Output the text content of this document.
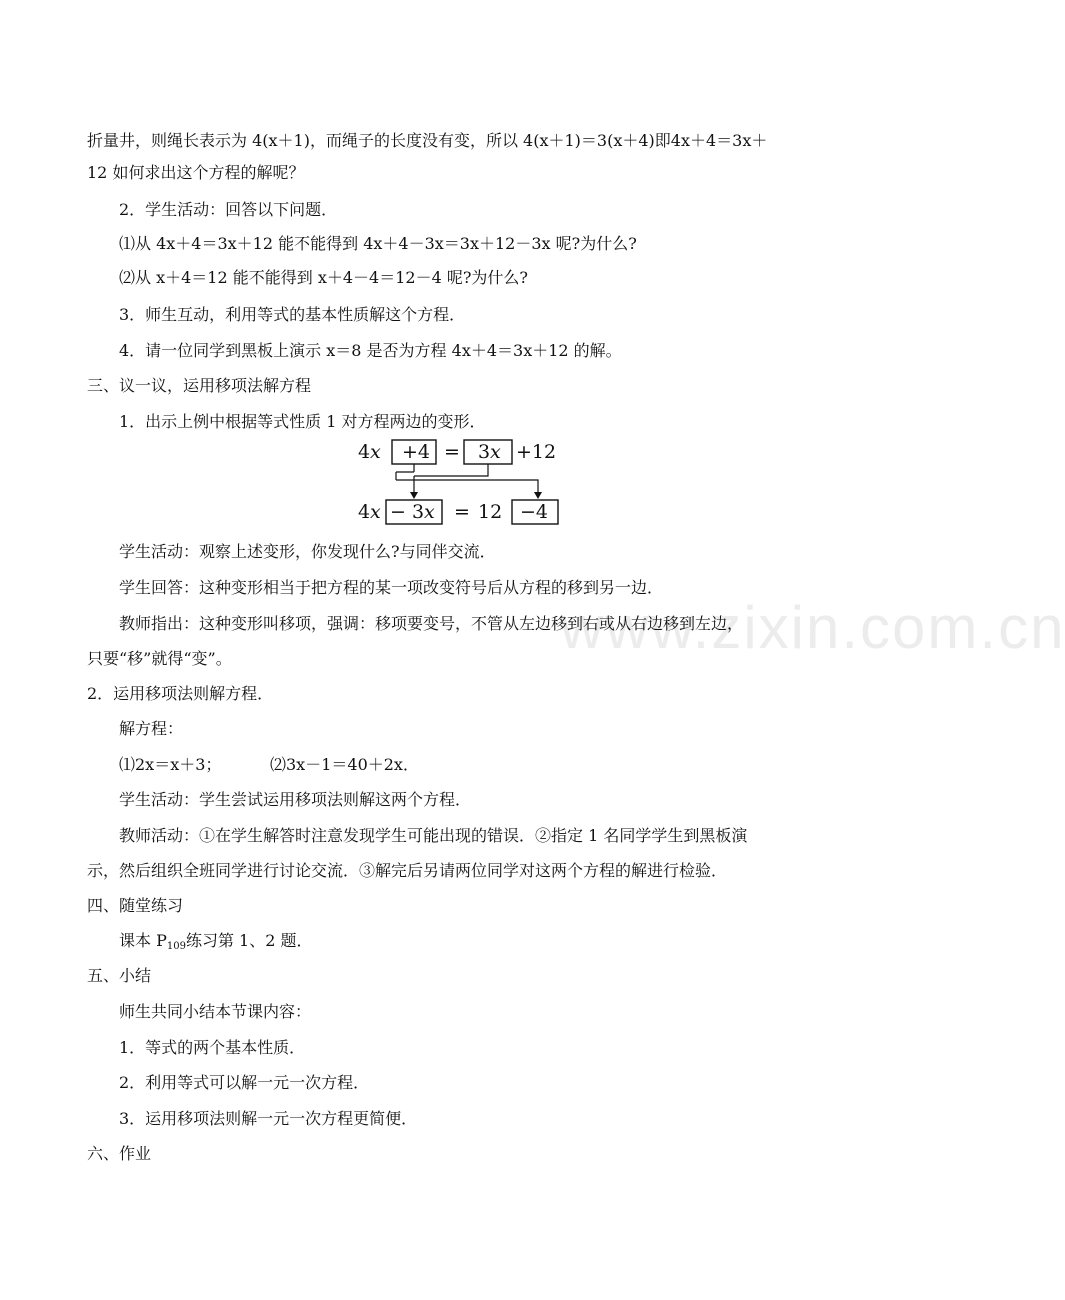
www.zixin.com.cn
折量井，则绳长表示为 4(x＋1)，而绳子的长度没有变，所以 4(x＋1)＝3(x＋4)即4x＋4＝3x＋
12 如何求出这个方程的解呢？
2．学生活动：回答以下问题．
⑴从 4x＋4＝3x＋12 能不能得到 4x＋4－3x＝3x＋12－3x 呢?为什么?
⑵从 x＋4＝12 能不能得到 x＋4－4＝12－4 呢?为什么?
3．师生互动，利用等式的基本性质解这个方程．
4．请一位同学到黑板上演示 x＝8 是否为方程 4x＋4＝3x＋12 的解。
三、议一议，运用移项法解方程
1．出示上例中根据等式性质 1 对方程两边的变形．
4 x +4 = 3 x +12
4 x − 3 x = 12 −4
学生活动：观察上述变形，你发现什么?与同伴交流．
学生回答：这种变形相当于把方程的某一项改变符号后从方程的移到另一边．
教师指出：这种变形叫移项，强调：移项要变号，不管从左边移到右或从右边移到左边，
只要“移”就得“变”。
2．运用移项法则解方程．
解方程：
⑴2x＝x＋3；	⑵3x－1＝40＋2x．
学生活动：学生尝试运用移项法则解这两个方程．
教师活动：①在学生解答时注意发现学生可能出现的错误．②指定 1 名同学学生到黑板演
示，然后组织全班同学进行讨论交流．③解完后另请两位同学对这两个方程的解进行检验．
四、随堂练习
课本 $P_{109}$练习第 1、2 题．
五、小结
师生共同小结本节课内容：
1．等式的两个基本性质．
2．利用等式可以解一元一次方程．
3．运用移项法则解一元一次方程更简便．
六、作业
